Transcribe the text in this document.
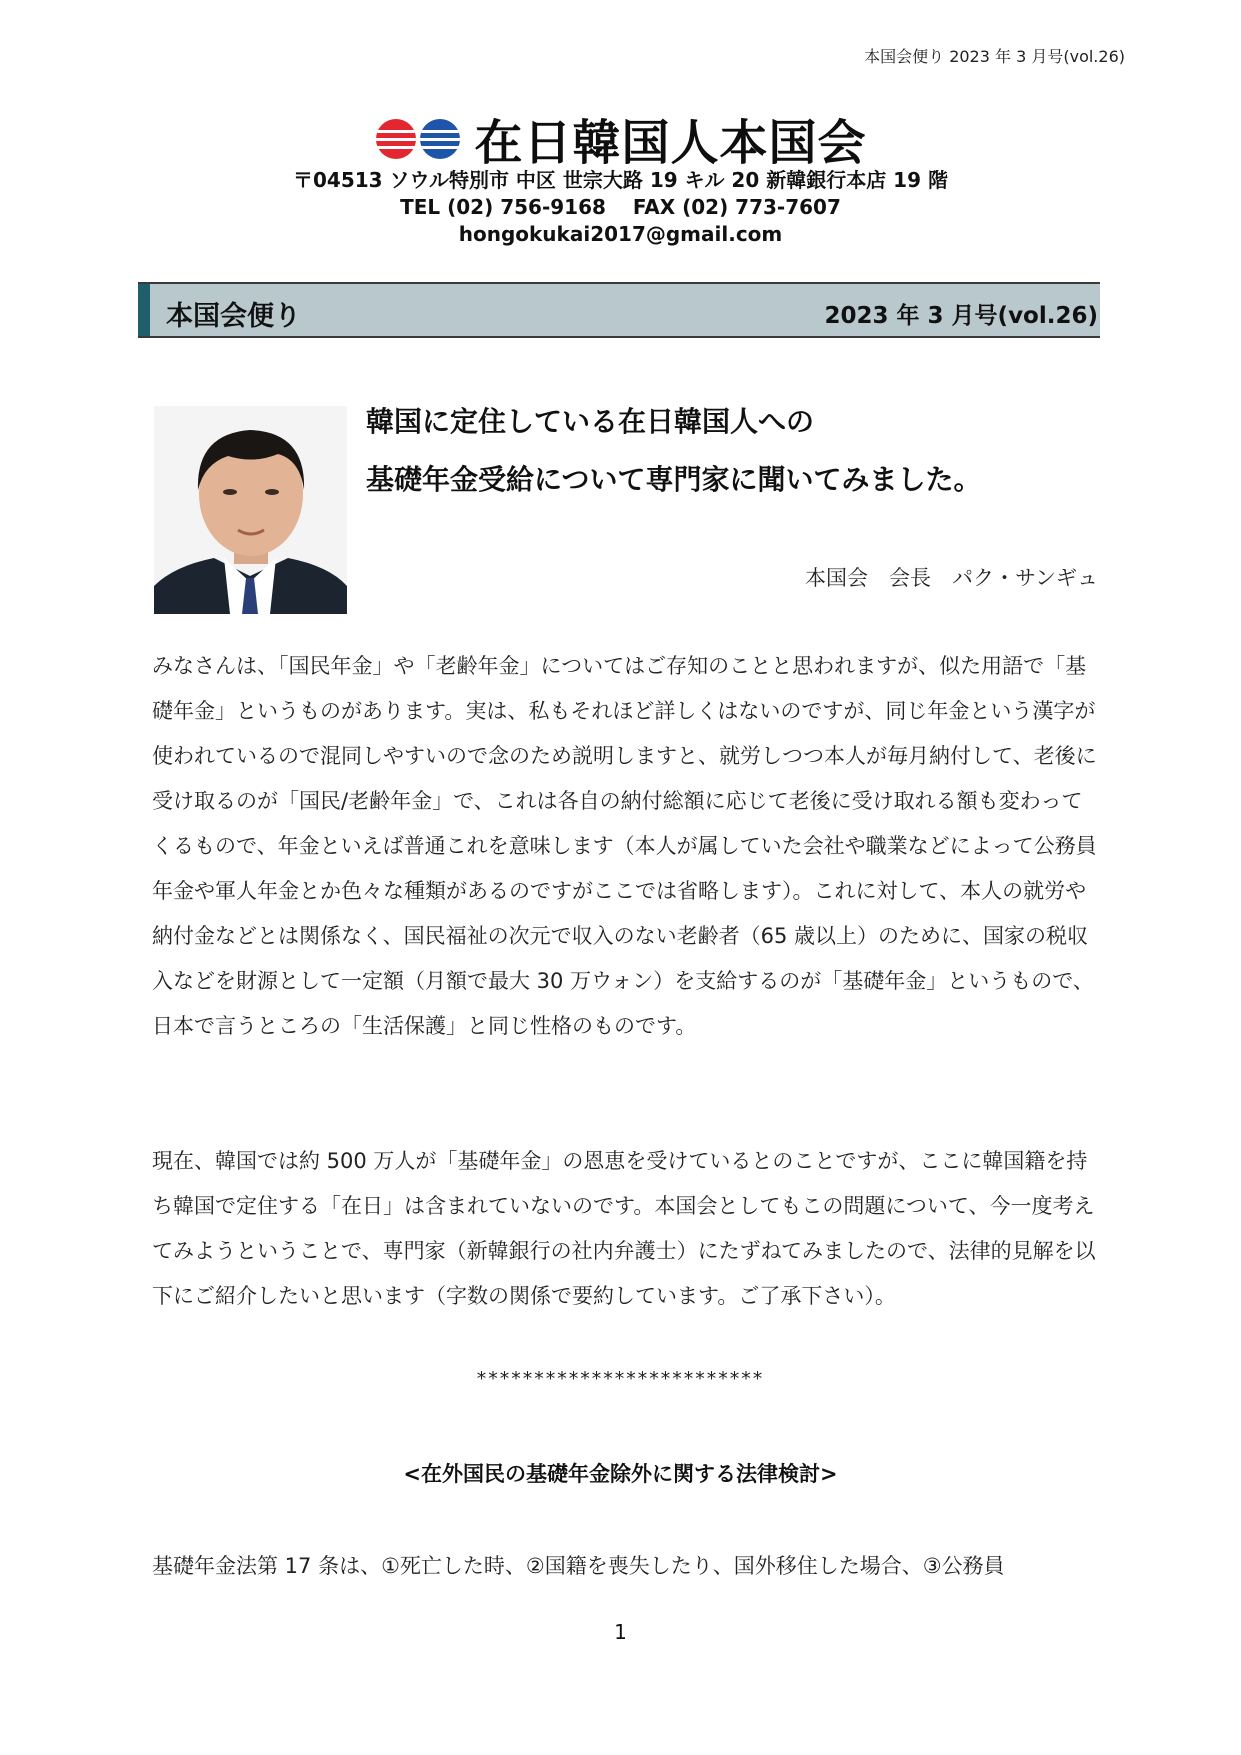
本国会便り 2023 年 3 月号(vol.26)
在日韓国人本国会
〒04513 ソウル特別市 中区 世宗大路 19 キル 20 新韓銀行本店 19 階
TEL (02) 756-9168　 FAX (02) 773-7607
hongokukai2017@gmail.com
本国会便り	2023 年 3 月号(vol.26)
韓国に定住している在日韓国人への
基礎年金受給について専門家に聞いてみました。
本国会　会長　パク・サンギュ

みなさんは、「国民年金」や「老齢年金」についてはご存知のことと思われますが、似た用語で「基礎年金」というものがあります。実は、私もそれほど詳しくはないのですが、同じ年金という漢字が使われているので混同しやすいので念のため説明しますと、就労しつつ本人が毎月納付して、老後に受け取るのが「国民/老齢年金」で、これは各自の納付総額に応じて老後に受け取れる額も変わってくるもので、年金といえば普通これを意味します（本人が属していた会社や職業などによって公務員年金や軍人年金とか色々な種類があるのですがここでは省略します）。これに対して、本人の就労や納付金などとは関係なく、国民福祉の次元で収入のない老齢者（65 歳以上）のために、国家の税収入などを財源として一定額（月額で最大 30 万ウォン）を支給するのが「基礎年金」というもので、日本で言うところの「生活保護」と同じ性格のものです。

現在、韓国では約 500 万人が「基礎年金」の恩恵を受けているとのことですが、ここに韓国籍を持ち韓国で定住する「在日」は含まれていないのです。本国会としてもこの問題について、今一度考えてみようということで、専門家（新韓銀行の社内弁護士）にたずねてみましたので、法律的見解を以下にご紹介したいと思います（字数の関係で要約しています。ご了承下さい）。

*************************
<在外国民の基礎年金除外に関する法律検討>

基礎年金法第 17 条は、①死亡した時、②国籍を喪失したり、国外移住した場合、③公務員

1
